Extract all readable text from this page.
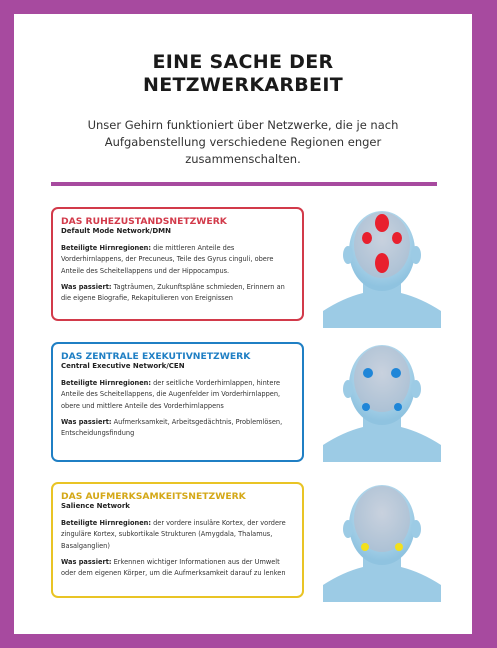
EINE SACHE DER
NETZWERKARBEIT
Unser Gehirn funktioniert über Netzwerke, die je nach Aufgabenstellung verschiedene Regionen enger zusammenschalten.
DAS RUHEZUSTANDSNETZWERK
Default Mode Network/DMN

Beteiligte Hirnregionen: die mittleren Anteile des Vorderhirnlappens, der Precuneus, Teile des Gyrus cinguli, obere Anteile des Scheitellappens und der Hippocampus.

Was passiert: Tagträumen, Zukunftspläne schmieden, Erinnern an die eigene Biografie, Rekapitulieren von Ereignissen

DAS ZENTRALE EXEKUTIVNETZWERK
Central Executive Network/CEN

Beteiligte Hirnregionen: der seitliche Vorderhirnlappen, hintere Anteile des Scheitellappens, die Augenfelder im Vorderhirnlappen, obere und mittlere Anteile des Vorderhirnlappens

Was passiert: Aufmerksamkeit, Arbeitsgedächtnis, Problemlösen, Entscheidungsfindung

DAS AUFMERKSAMKEITSNETZWERK
Salience Network

Beteiligte Hirnregionen: der vordere insuläre Kortex, der vordere zinguläre Kortex, subkortikale Strukturen (Amygdala, Thalamus, Basalganglien)

Was passiert: Erkennen wichtiger Informationen aus der Umwelt oder dem eigenen Körper, um die Aufmerksamkeit darauf zu lenken
